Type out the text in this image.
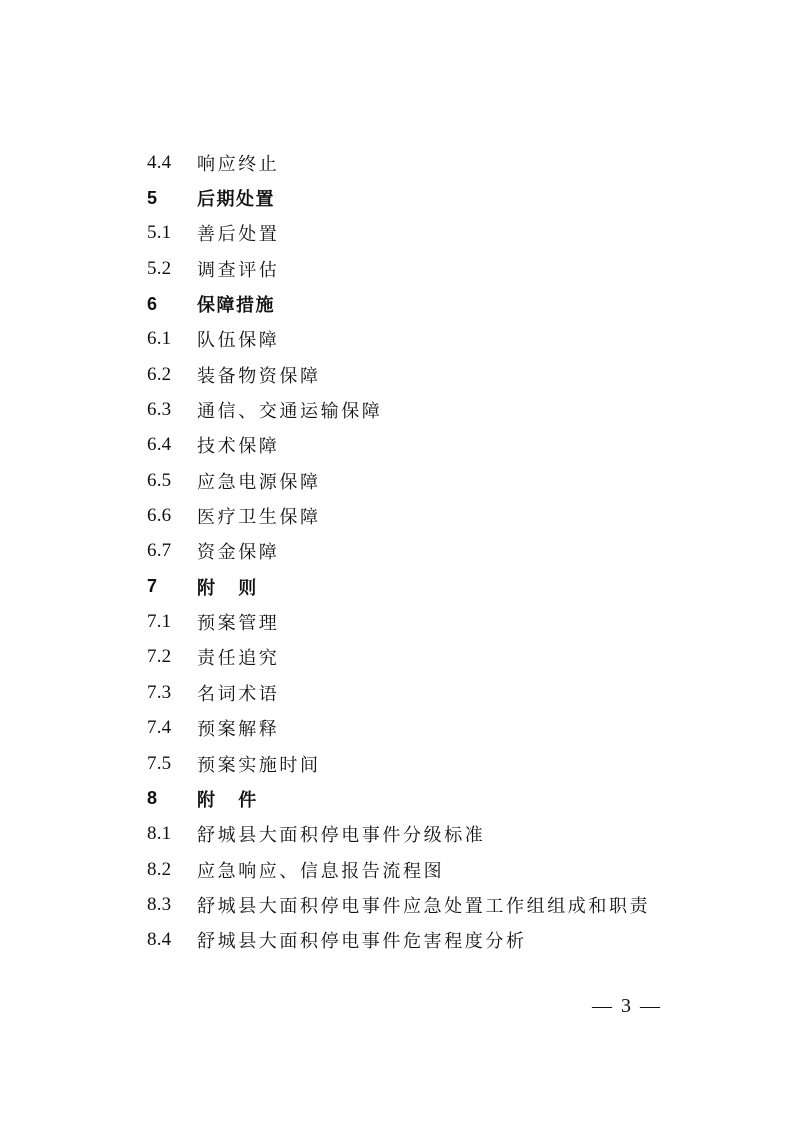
4.4	响应终止
5	后期处置
5.1	善后处置
5.2	调查评估
6	保障措施
6.1	队伍保障
6.2	装备物资保障
6.3	通信、交通运输保障
6.4	技术保障
6.5	应急电源保障
6.6	医疗卫生保障
6.7	资金保障
7	附 则
7.1	预案管理
7.2	责任追究
7.3	名词术语
7.4	预案解释
7.5	预案实施时间
8	附 件
8.1	舒城县大面积停电事件分级标准
8.2	应急响应、信息报告流程图
8.3	舒城县大面积停电事件应急处置工作组组成和职责
8.4	舒城县大面积停电事件危害程度分析
— 3 —
